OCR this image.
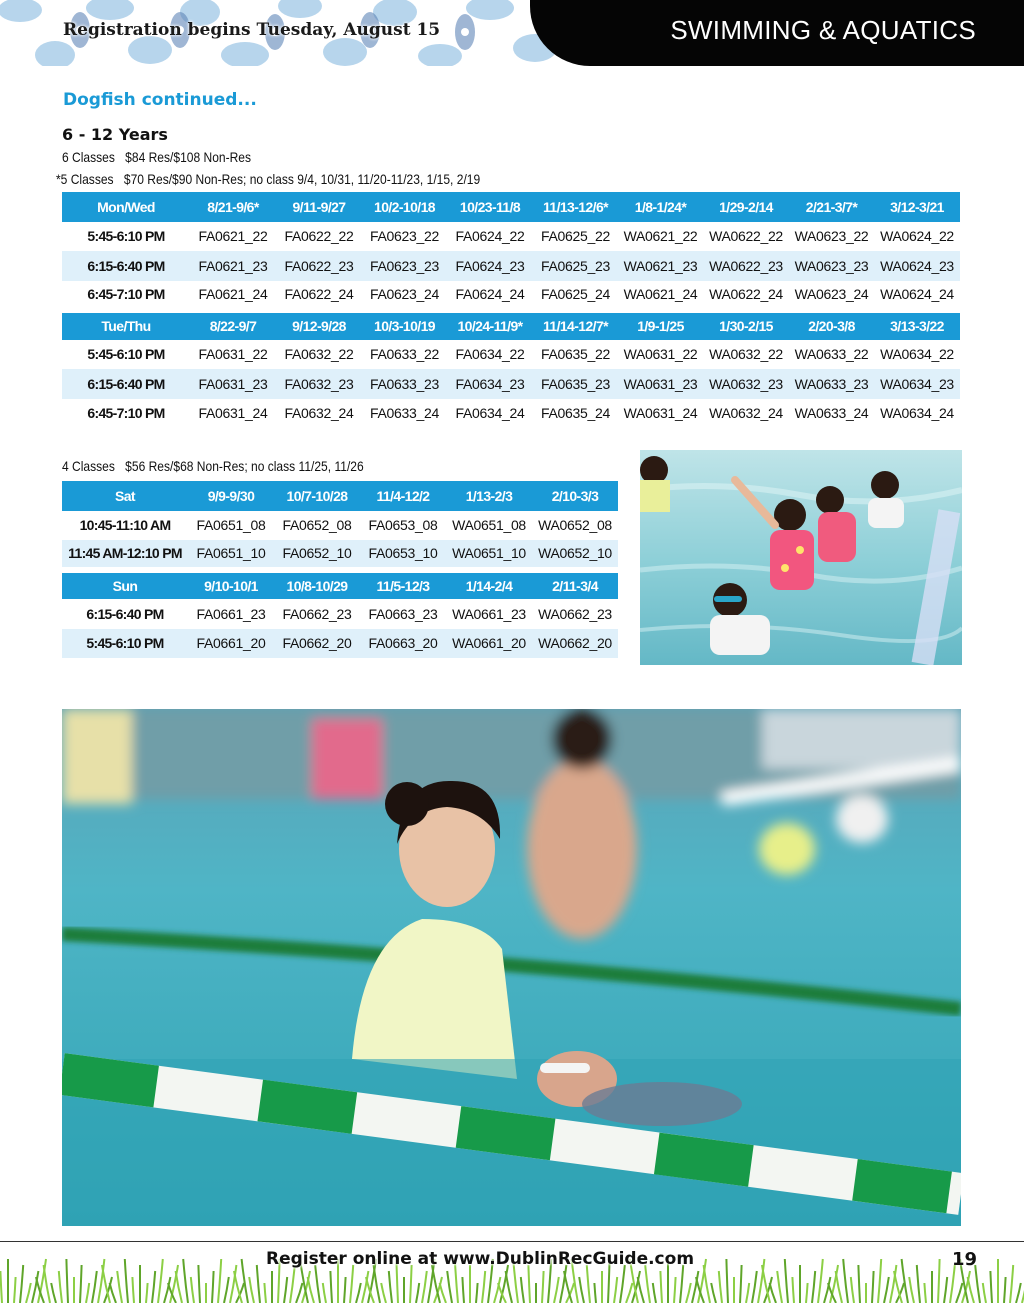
Registration begins Tuesday, August 15	SWIMMING & AQUATICS
Dogfish continued...
6 - 12 Years
6 Classes $84 Res/$108 Non-Res
*5 Classes $70 Res/$90 Non-Res; no class 9/4, 10/31, 11/20-11/23, 1/15, 2/19
Mon/Wed	8/21-9/6*	9/11-9/27	10/2-10/18	10/23-11/8	11/13-12/6*	1/8-1/24*	1/29-2/14	2/21-3/7*	3/12-3/21
5:45-6:10 PM	FA0621_22	FA0622_22	FA0623_22	FA0624_22	FA0625_22	WA0621_22	WA0622_22	WA0623_22	WA0624_22
6:15-6:40 PM	FA0621_23	FA0622_23	FA0623_23	FA0624_23	FA0625_23	WA0621_23	WA0622_23	WA0623_23	WA0624_23
6:45-7:10 PM	FA0621_24	FA0622_24	FA0623_24	FA0624_24	FA0625_24	WA0621_24	WA0622_24	WA0623_24	WA0624_24
Tue/Thu	8/22-9/7	9/12-9/28	10/3-10/19	10/24-11/9*	11/14-12/7*	1/9-1/25	1/30-2/15	2/20-3/8	3/13-3/22
5:45-6:10 PM	FA0631_22	FA0632_22	FA0633_22	FA0634_22	FA0635_22	WA0631_22	WA0632_22	WA0633_22	WA0634_22
6:15-6:40 PM	FA0631_23	FA0632_23	FA0633_23	FA0634_23	FA0635_23	WA0631_23	WA0632_23	WA0633_23	WA0634_23
6:45-7:10 PM	FA0631_24	FA0632_24	FA0633_24	FA0634_24	FA0635_24	WA0631_24	WA0632_24	WA0633_24	WA0634_24
4 Classes $56 Res/$68 Non-Res; no class 11/25, 11/26
Sat	9/9-9/30	10/7-10/28	11/4-12/2	1/13-2/3	2/10-3/3
10:45-11:10 AM	FA0651_08	FA0652_08	FA0653_08	WA0651_08	WA0652_08
11:45 AM-12:10 PM	FA0651_10	FA0652_10	FA0653_10	WA0651_10	WA0652_10
Sun	9/10-10/1	10/8-10/29	11/5-12/3	1/14-2/4	2/11-3/4
6:15-6:40 PM	FA0661_23	FA0662_23	FA0663_23	WA0661_23	WA0662_23
5:45-6:10 PM	FA0661_20	FA0662_20	FA0663_20	WA0661_20	WA0662_20
Register online at www.DublinRecGuide.com	19
